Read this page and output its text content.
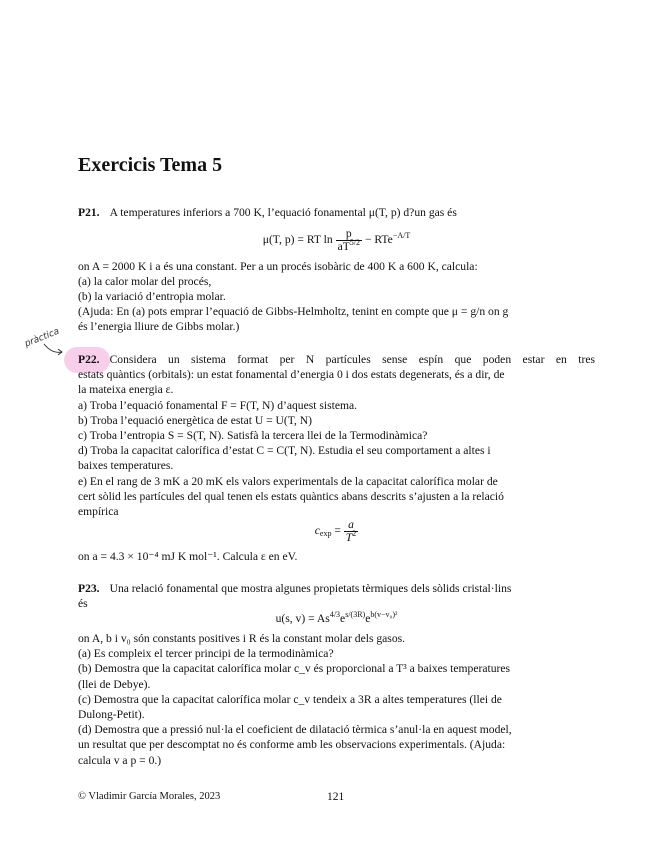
Exercicis Tema 5
P21. A temperatures inferiors a 700 K, l’equació fonamental μ(T, p) d?un gas és
μ(T, p) = RT $\ln \frac{p}{aT^{5/2}} - RTe^{-A/T}$
on A = 2000 K i a és una constant. Per a un procés isobàric de 400 K a 600 K, calcula:
(a) la calor molar del procés,
(b) la variació d’entropia molar.
(Ajuda: En (a) pots emprar l’equació de Gibbs-Helmholtz, tenint en compte que μ = g/n on g
és l’energia lliure de Gibbs molar.)
pràctica
P22. Considera un sistema format per N partícules sense espín que poden estar en tres
estats quàntics (orbitals): un estat fonamental d’energia 0 i dos estats degenerats, és a dir, de
la mateixa energia ε.
a) Troba l’equació fonamental F = F(T, N) d’aquest sistema.
b) Troba l’equació energètica de estat U = U(T, N)
c) Troba l’entropia S = S(T, N). Satisfà la tercera llei de la Termodinàmica?
d) Troba la capacitat calorífica d’estat C = C(T, N). Estudia el seu comportament a altes i
baixes temperatures.
e) En el rang de 3 mK a 20 mK els valors experimentals de la capacitat calorífica molar de
cert sòlid les partícules del qual tenen els estats quàntics abans descrits s’ajusten a la relació
empírica
$c_{exp} = \frac{a}{T^2}$
on a = 4.3 × 10⁻⁴ mJ K mol⁻¹. Calcula ε en eV.
P23. Una relació fonamental que mostra algunes propietats tèrmiques dels sòlids cristal·lins
és
u(s, $v) = As^{4/3}e^{s/(3R)}e^{b(v-v_0)^2}$
on A, b i v₀ són constants positives i R és la constant molar dels gasos.
(a) Es compleix el tercer principi de la termodinàmica?
(b) Demostra que la capacitat calorífica molar c_v és proporcional a T³ a baixes temperatures
(llei de Debye).
(c) Demostra que la capacitat calorífica molar c_v tendeix a 3R a altes temperatures (llei de
Dulong-Petit).
(d) Demostra que a pressió nul·la el coeficient de dilatació tèrmica s’anul·la en aquest model,
un resultat que per descomptat no és conforme amb les observacions experimentals. (Ajuda:
calcula v a p = 0.)
© Vladimir García Morales, 2023	121
